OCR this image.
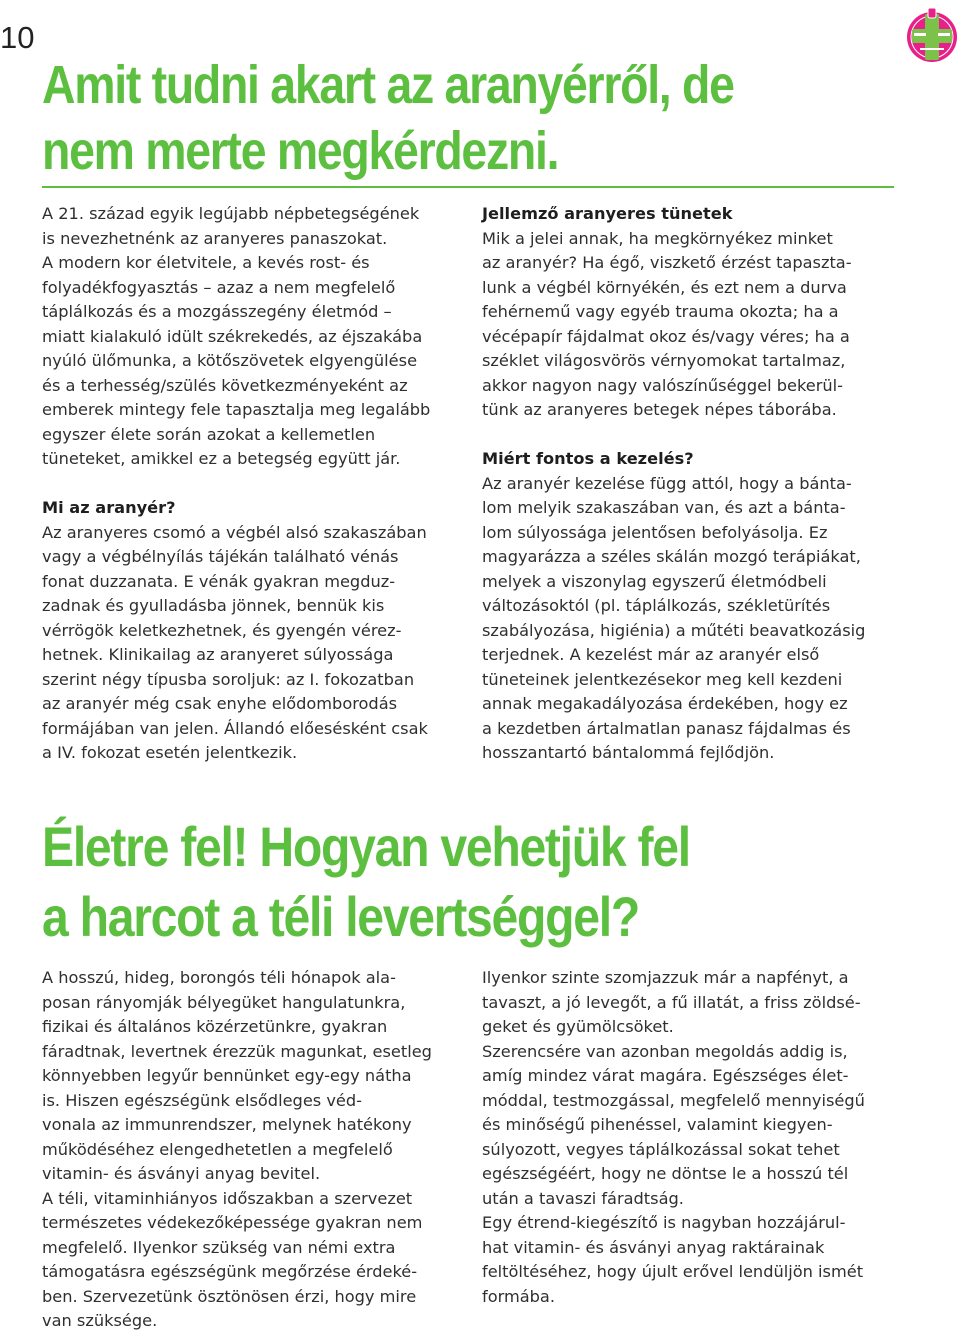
10
Amit tudni akart az aranyérről, de
nem merte megkérdezni.

A 21. század egyik legújabb népbetegségének
is nevezhetnénk az aranyeres panaszokat.
A modern kor életvitele, a kevés rost- és
folyadékfogyasztás – azaz a nem megfelelő
táplálkozás és a mozgásszegény életmód –
miatt kialakuló idült székrekedés, az éjszakába
nyúló ülőmunka, a kötőszövetek elgyengülése
és a terhesség/szülés következményeként az
emberek mintegy fele tapasztalja meg legalább
egyszer élete során azokat a kellemetlen
tüneteket, amikkel ez a betegség együtt jár.

Mi az aranyér?

Az aranyeres csomó a végbél alsó szakaszában
vagy a végbélnyílás tájékán található vénás
fonat duzzanata. E vénák gyakran megduz-
zadnak és gyulladásba jönnek, bennük kis
vérrögök keletkezhetnek, és gyengén vérez-
hetnek. Klinikailag az aranyeret súlyossága
szerint négy típusba soroljuk: az I. fokozatban
az aranyér még csak enyhe elődomborodás
formájában van jelen. Állandó előesésként csak
a IV. fokozat esetén jelentkezik.

Jellemző aranyeres tünetek

Mik a jelei annak, ha megkörnyékez minket
az aranyér? Ha égő, viszkető érzést tapaszta-
lunk a végbél környékén, és ezt nem a durva
fehérnemű vagy egyéb trauma okozta; ha a
vécépapír fájdalmat okoz és/vagy véres; ha a
széklet világosvörös vérnyomokat tartalmaz,
akkor nagyon nagy valószínűséggel bekerül-
tünk az aranyeres betegek népes táborába.

Miért fontos a kezelés?

Az aranyér kezelése függ attól, hogy a bánta-
lom melyik szakaszában van, és azt a bánta-
lom súlyossága jelentősen befolyásolja. Ez
magyarázza a széles skálán mozgó terápiákat,
melyek a viszonylag egyszerű életmódbeli
változásoktól (pl. táplálkozás, székletürítés
szabályozása, higiénia) a műtéti beavatkozásig
terjednek. A kezelést már az aranyér első
tüneteinek jelentkezésekor meg kell kezdeni
annak megakadályozása érdekében, hogy ez
a kezdetben ártalmatlan panasz fájdalmas és
hosszantartó bántalommá fejlődjön.

Életre fel! Hogyan vehetjük fel
a harcot a téli levertséggel?

A hosszú, hideg, borongós téli hónapok ala-
posan rányomják bélyegüket hangulatunkra,
fizikai és általános közérzetünkre, gyakran
fáradtnak, levertnek érezzük magunkat, esetleg
könnyebben legyűr bennünket egy-egy nátha
is. Hiszen egészségünk elsődleges véd-
vonala az immunrendszer, melynek hatékony
működéséhez elengedhetetlen a megfelelő
vitamin- és ásványi anyag bevitel.
A téli, vitaminhiányos időszakban a szervezet
természetes védekezőképessége gyakran nem
megfelelő. Ilyenkor szükség van némi extra
támogatásra egészségünk megőrzése érdeké-
ben. Szervezetünk ösztönösen érzi, hogy mire
van szüksége.

Ilyenkor szinte szomjazzuk már a napfényt, a
tavaszt, a jó levegőt, a fű illatát, a friss zöldsé-
geket és gyümölcsöket.
Szerencsére van azonban megoldás addig is,
amíg mindez várat magára. Egészséges élet-
móddal, testmozgással, megfelelő mennyiségű
és minőségű pihenéssel, valamint kiegyen-
súlyozott, vegyes táplálkozással sokat tehet
egészségéért, hogy ne döntse le a hosszú tél
után a tavaszi fáradtság.
Egy étrend-kiegészítő is nagyban hozzájárul-
hat vitamin- és ásványi anyag raktárainak
feltöltéséhez, hogy újult erővel lendüljön ismét
formába.
